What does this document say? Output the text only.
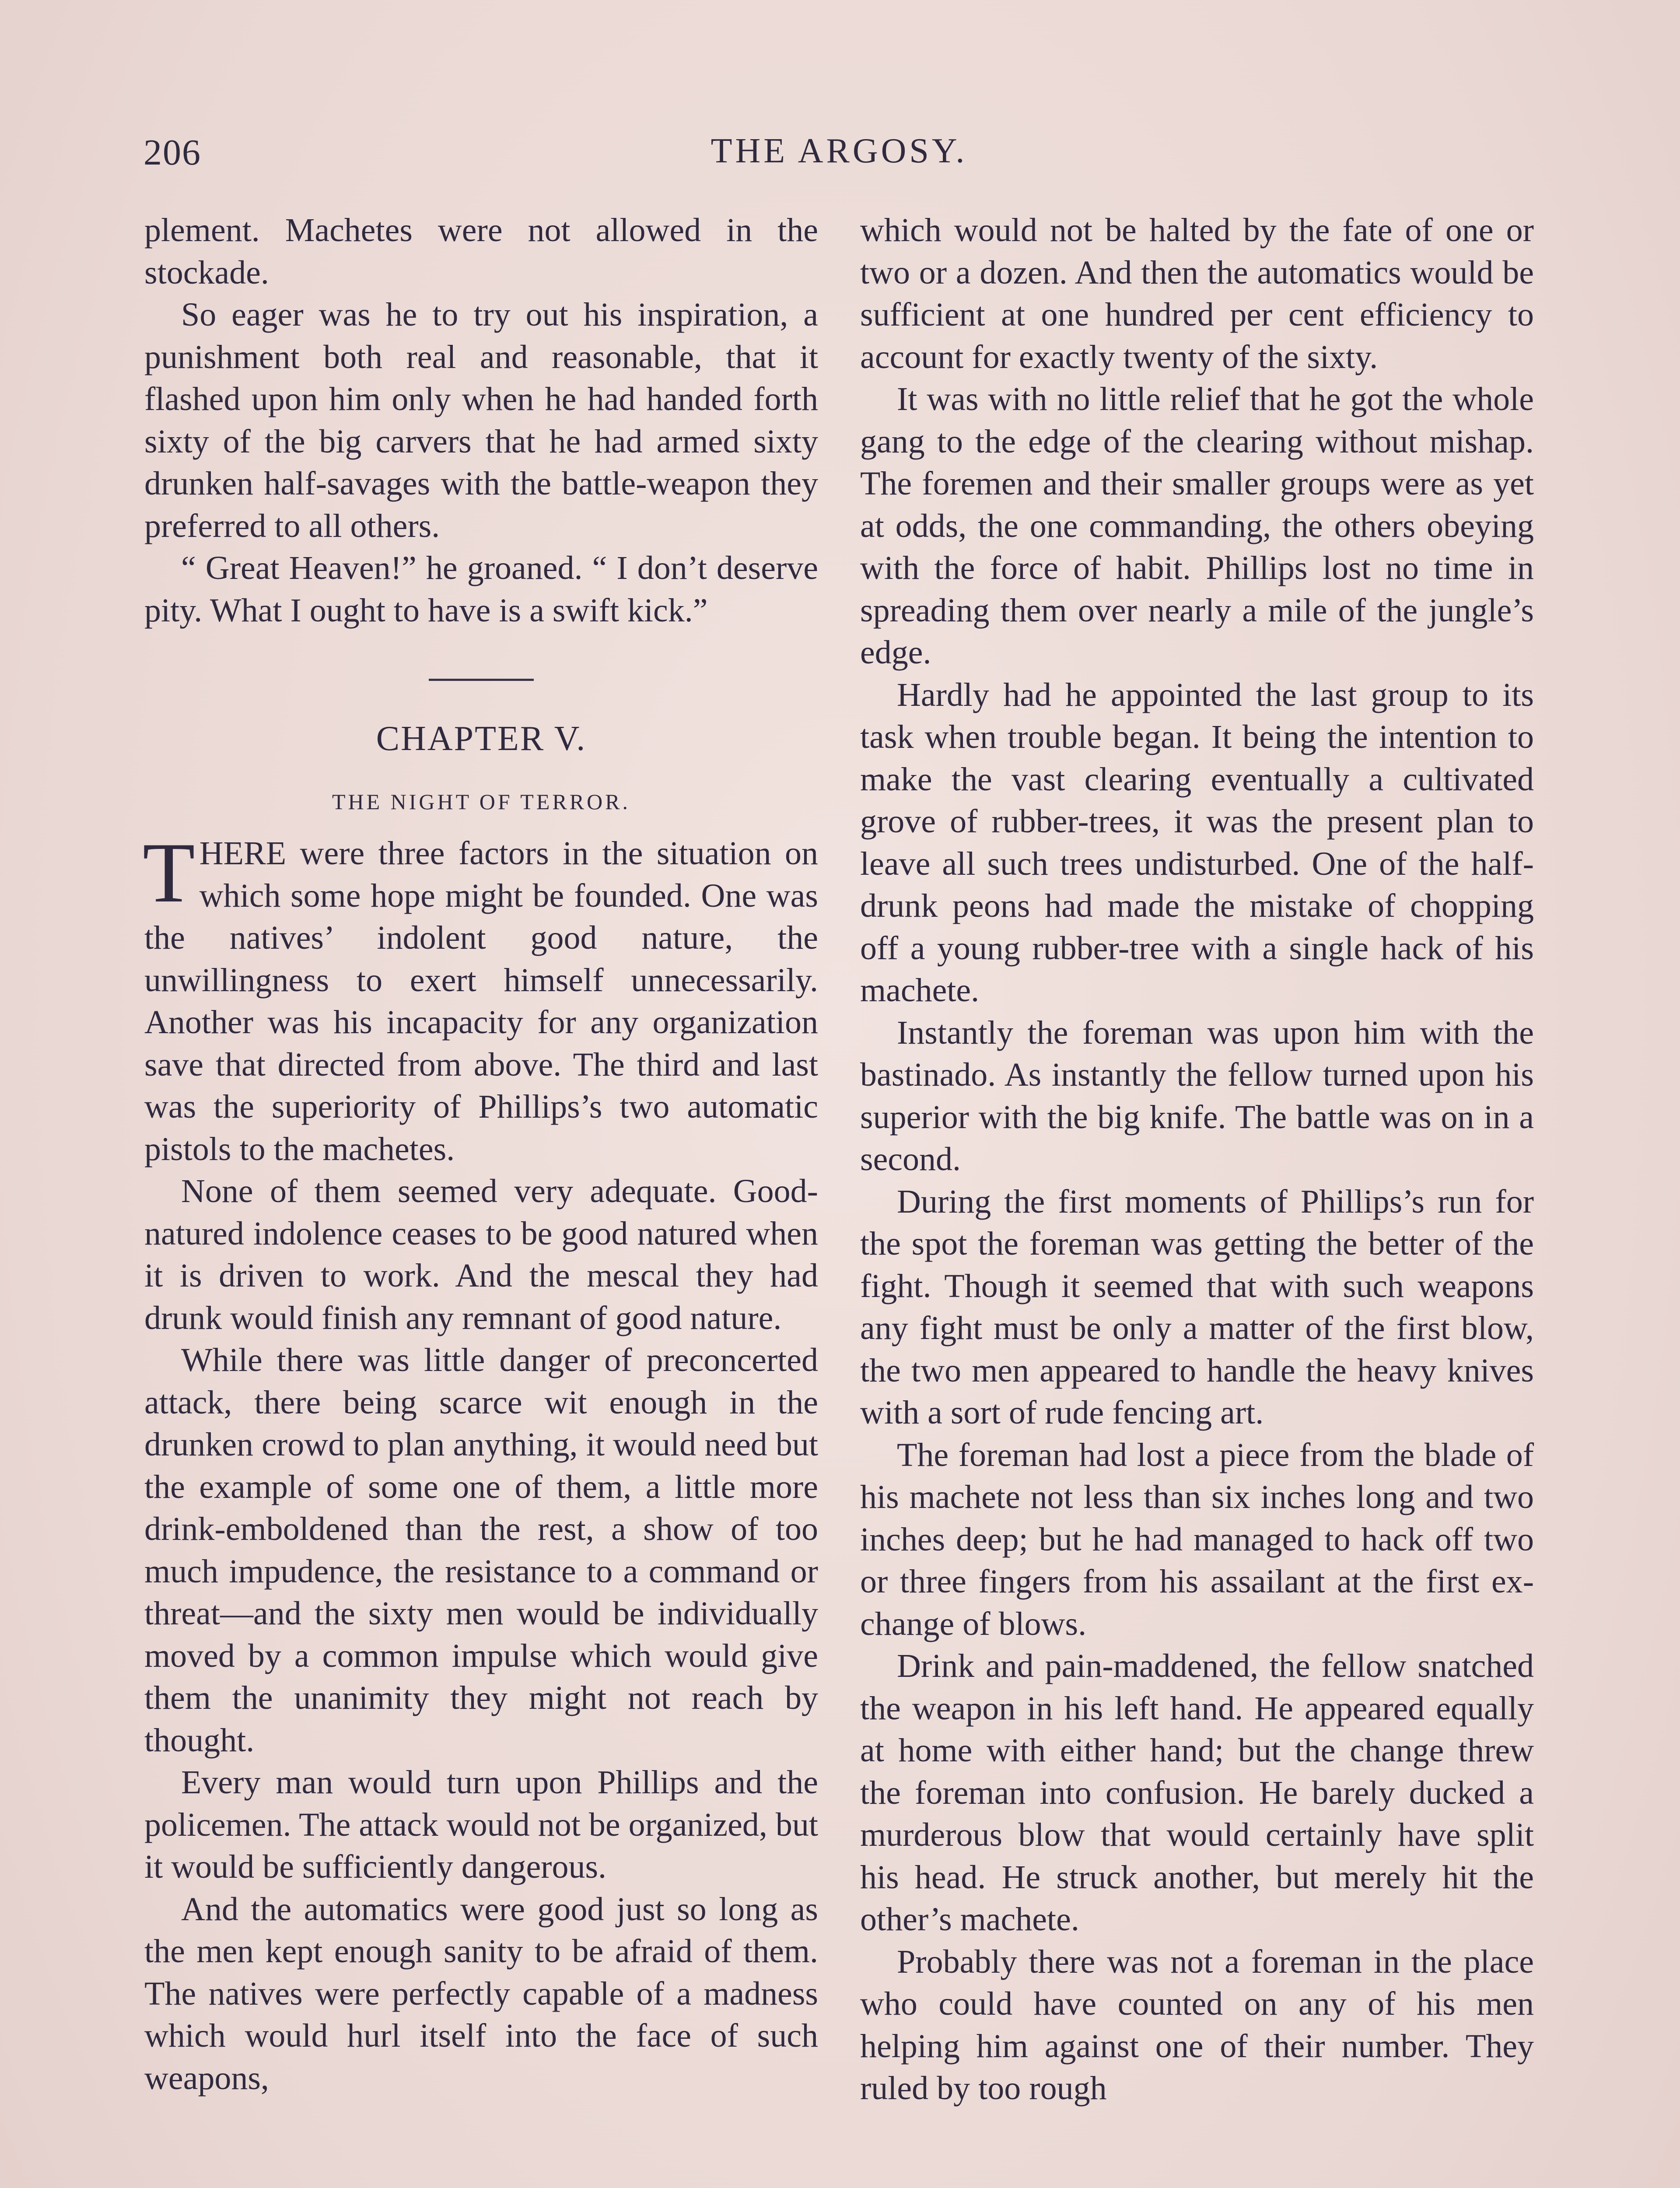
206	THE ARGOSY.

plement. Machetes were not allowed in the stockade.

So eager was he to try out his inspiration, a punishment both real and reasonable, that it flashed upon him only when he had handed forth sixty of the big carvers that he had armed sixty drunken half-savages with the battle-weapon they preferred to all others.

“ Great Heaven!” he groaned. “ I don’t deserve pity. What I ought to have is a swift kick.”

CHAPTER V.
THE NIGHT OF TERROR.

THERE were three factors in the situation on which some hope might be founded. One was the natives’ indolent good nature, the unwillingness to exert himself unnecessarily. Another was his incapacity for any organization save that directed from above. The third and last was the superiority of Phillips’s two automatic pistols to the machetes.

None of them seemed very adequate. Good-natured indolence ceases to be good natured when it is driven to work. And the mescal they had drunk would finish any remnant of good nature.

While there was little danger of preconcerted attack, there being scarce wit enough in the drunken crowd to plan anything, it would need but the example of some one of them, a little more drink-emboldened than the rest, a show of too much impudence, the resistance to a command or threat—and the sixty men would be individually moved by a common impulse which would give them the unanimity they might not reach by thought.

Every man would turn upon Phillips and the policemen. The attack would not be organized, but it would be sufficiently dangerous.

And the automatics were good just so long as the men kept enough sanity to be afraid of them. The natives were perfectly capable of a madness which would hurl itself into the face of such weapons,

which would not be halted by the fate of one or two or a dozen. And then the automatics would be sufficient at one hundred per cent efficiency to account for exactly twenty of the sixty.

It was with no little relief that he got the whole gang to the edge of the clearing without mishap. The foremen and their smaller groups were as yet at odds, the one commanding, the others obeying with the force of habit. Phillips lost no time in spreading them over nearly a mile of the jungle’s edge.

Hardly had he appointed the last group to its task when trouble began. It being the intention to make the vast clearing eventually a cultivated grove of rubber-trees, it was the present plan to leave all such trees undisturbed. One of the half-drunk peons had made the mistake of chopping off a young rubber-tree with a single hack of his machete.

Instantly the foreman was upon him with the bastinado. As instantly the fellow turned upon his superior with the big knife. The battle was on in a second.

During the first moments of Phillips’s run for the spot the foreman was getting the better of the fight. Though it seemed that with such weapons any fight must be only a matter of the first blow, the two men appeared to handle the heavy knives with a sort of rude fencing art.

The foreman had lost a piece from the blade of his machete not less than six inches long and two inches deep; but he had managed to hack off two or three fingers from his assailant at the first exchange of blows.

Drink and pain-maddened, the fellow snatched the weapon in his left hand. He appeared equally at home with either hand; but the change threw the foreman into confusion. He barely ducked a murderous blow that would certainly have split his head. He struck another, but merely hit the other’s machete.

Probably there was not a foreman in the place who could have counted on any of his men helping him against one of their number. They ruled by too rough
